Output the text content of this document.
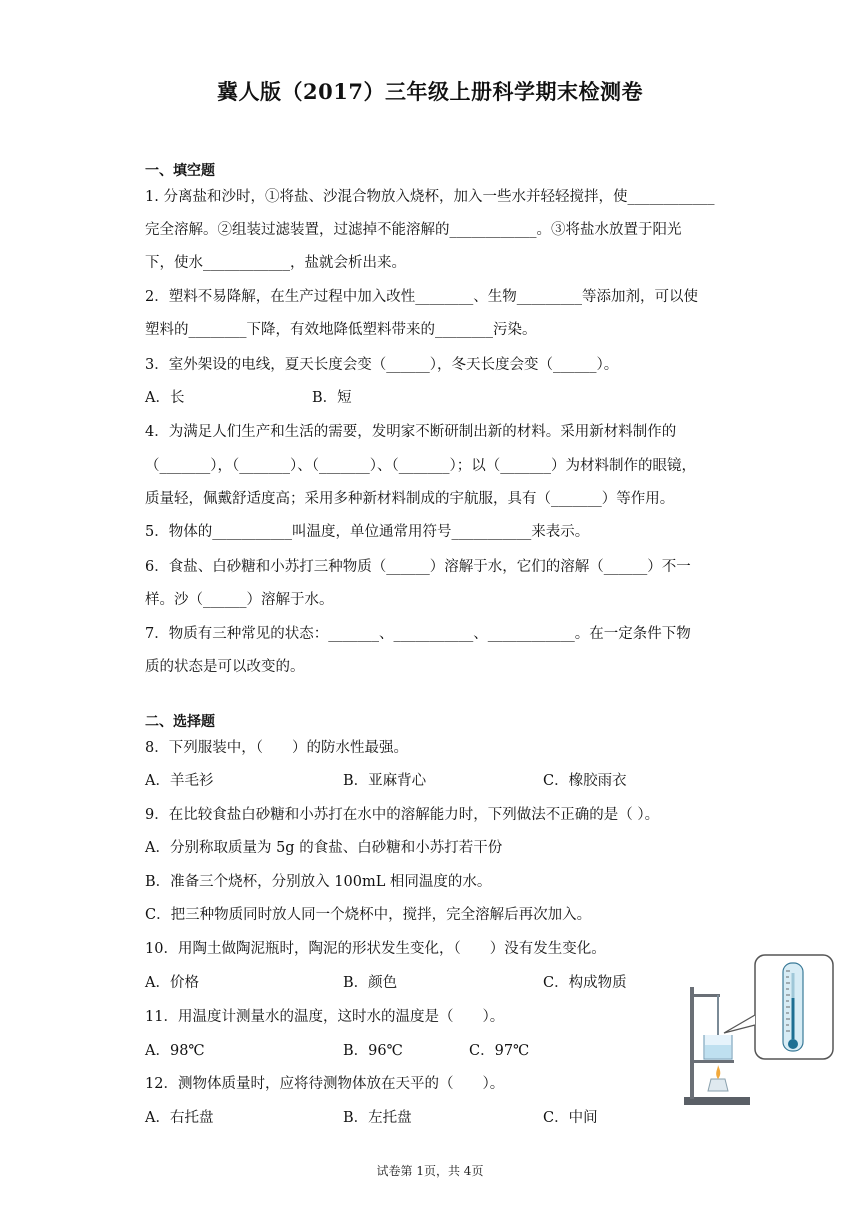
冀人版（2017）三年级上册科学期末检测卷
一、填空题
1. 分离盐和沙时，①将盐、沙混合物放入烧杯，加入一些水并轻轻搅拌，使____________
完全溶解。②组装过滤装置，过滤掉不能溶解的____________。③将盐水放置于阳光
下，使水____________，盐就会析出来。
2．塑料不易降解，在生产过程中加入改性________、生物_________等添加剂，可以使
塑料的________下降，有效地降低塑料带来的________污染。
3．室外架设的电线，夏天长度会变（______），冬天长度会变（______）。
A．长	B．短
4．为满足人们生产和生活的需要，发明家不断研制出新的材料。采用新材料制作的
（_______），（_______）、（_______）、（_______）；以（_______）为材料制作的眼镜，
质量轻，佩戴舒适度高；采用多种新材料制成的宇航服，具有（_______）等作用。
5．物体的___________叫温度，单位通常用符号___________来表示。
6．食盐、白砂糖和小苏打三种物质（______）溶解于水，它们的溶解（______）不一
样。沙（______）溶解于水。
7．物质有三种常见的状态：_______、___________、____________。在一定条件下物
质的状态是可以改变的。
二、选择题
8．下列服装中，（　　）的防水性最强。
A．羊毛衫	B．亚麻背心	C．橡胶雨衣
9．在比较食盐白砂糖和小苏打在水中的溶解能力时，下列做法不正确的是（ ）。
A．分别称取质量为 5g 的食盐、白砂糖和小苏打若干份
B．准备三个烧杯，分别放入 100mL 相同温度的水。
C．把三种物质同时放人同一个烧杯中，搅拌，完全溶解后再次加入。
10．用陶土做陶泥瓶时，陶泥的形状发生变化，（　　）没有发生变化。
A．价格	B．颜色	C．构成物质
11．用温度计测量水的温度，这时水的温度是（　　）。
A．98℃	B．96℃	C．97℃
12．测物体质量时，应将待测物体放在天平的（　　）。
A．右托盘	B．左托盘	C．中间
试卷第 1页，共 4页
